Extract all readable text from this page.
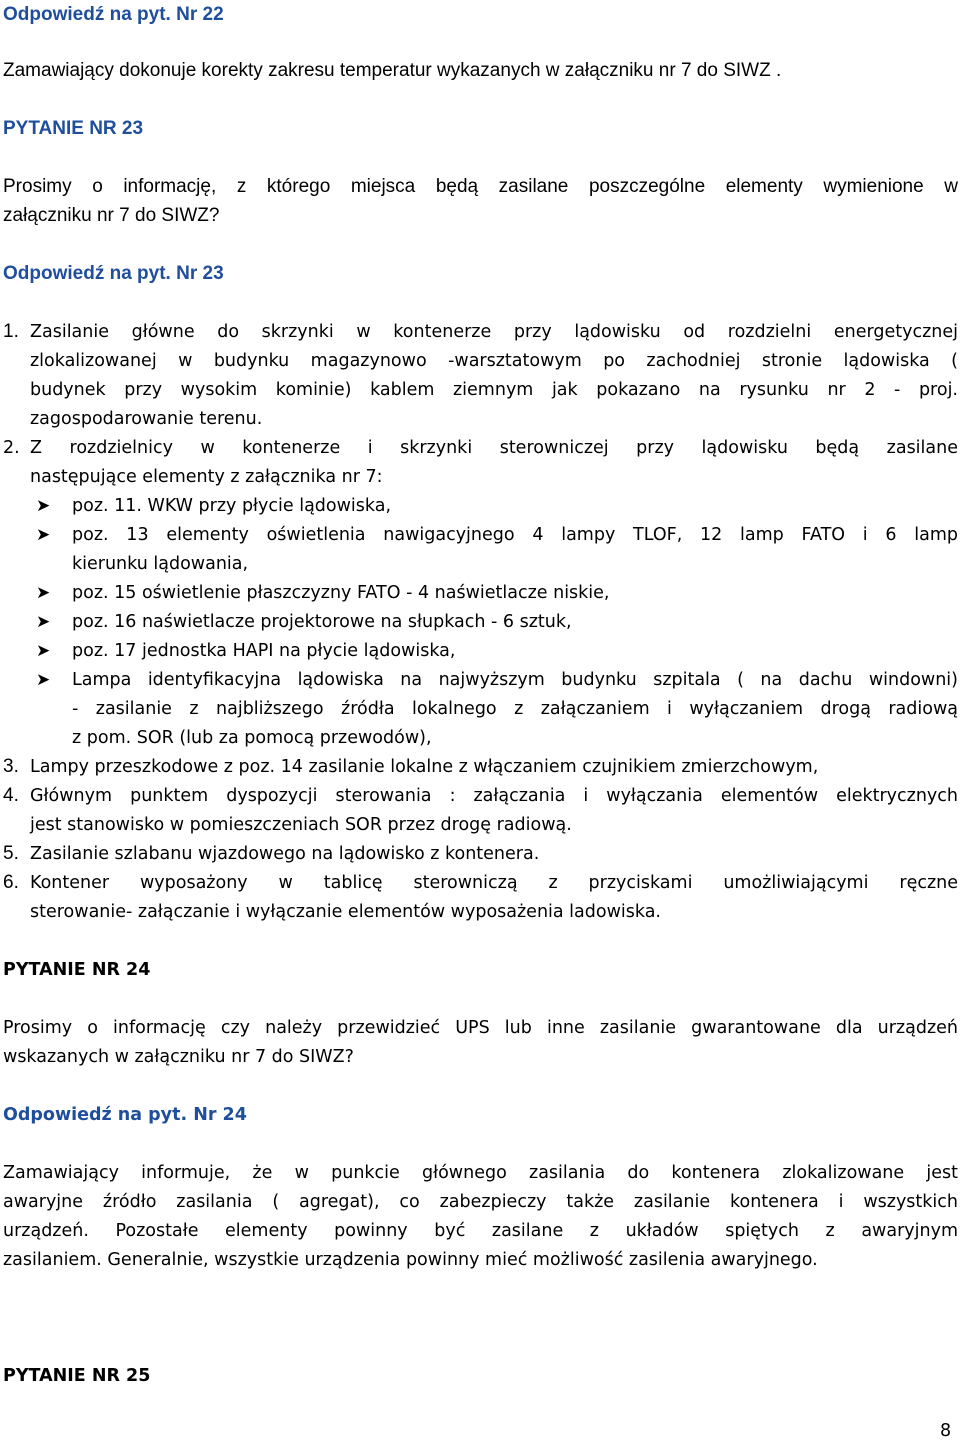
Odpowiedź na pyt. Nr 22
Zamawiający dokonuje korekty zakresu temperatur wykazanych w załączniku nr 7 do SIWZ .
PYTANIE NR 23
Prosimy o informację, z którego miejsca będą zasilane poszczególne elementy wymienione w
załączniku nr 7 do SIWZ?
Odpowiedź na pyt. Nr 23
1. Zasilanie główne do skrzynki w kontenerze przy lądowisku od rozdzielni energetycznej
zlokalizowanej w budynku magazynowo -warsztatowym po zachodniej stronie lądowiska (
budynek przy wysokim kominie) kablem ziemnym jak pokazano na rysunku nr 2 - proj.
zagospodarowanie terenu.
2. Z rozdzielnicy w kontenerze i skrzynki sterowniczej przy lądowisku będą zasilane
następujące elementy z załącznika nr 7:
➤ poz. 11. WKW przy płycie lądowiska,
➤ poz. 13 elementy oświetlenia nawigacyjnego 4 lampy TLOF, 12 lamp FATO i 6 lamp
kierunku lądowania,
➤ poz. 15 oświetlenie płaszczyzny FATO - 4 naświetlacze niskie,
➤ poz. 16 naświetlacze projektorowe na słupkach - 6 sztuk,
➤ poz. 17 jednostka HAPI na płycie lądowiska,
➤ Lampa identyfikacyjna lądowiska na najwyższym budynku szpitala ( na dachu windowni)
- zasilanie z najbliższego źródła lokalnego z załączaniem i wyłączaniem drogą radiową
z pom. SOR (lub za pomocą przewodów),
3. Lampy przeszkodowe z poz. 14 zasilanie lokalne z włączaniem czujnikiem zmierzchowym,
4. Głównym punktem dyspozycji sterowania : załączania i wyłączania elementów elektrycznych
jest stanowisko w pomieszczeniach SOR przez drogę radiową.
5. Zasilanie szlabanu wjazdowego na lądowisko z kontenera.
6. Kontener wyposażony w tablicę sterowniczą z przyciskami umożliwiającymi ręczne
sterowanie- załączanie i wyłączanie elementów wyposażenia ladowiska.
PYTANIE NR 24
Prosimy o informację czy należy przewidzieć UPS lub inne zasilanie gwarantowane dla urządzeń
wskazanych w załączniku nr 7 do SIWZ?
Odpowiedź na pyt. Nr 24
Zamawiający informuje, że w punkcie głównego zasilania do kontenera zlokalizowane jest
awaryjne źródło zasilania ( agregat), co zabezpieczy także zasilanie kontenera i wszystkich
urządzeń. Pozostałe elementy powinny być zasilane z układów spiętych z awaryjnym
zasilaniem. Generalnie, wszystkie urządzenia powinny mieć możliwość zasilenia awaryjnego.
PYTANIE NR 25
8
